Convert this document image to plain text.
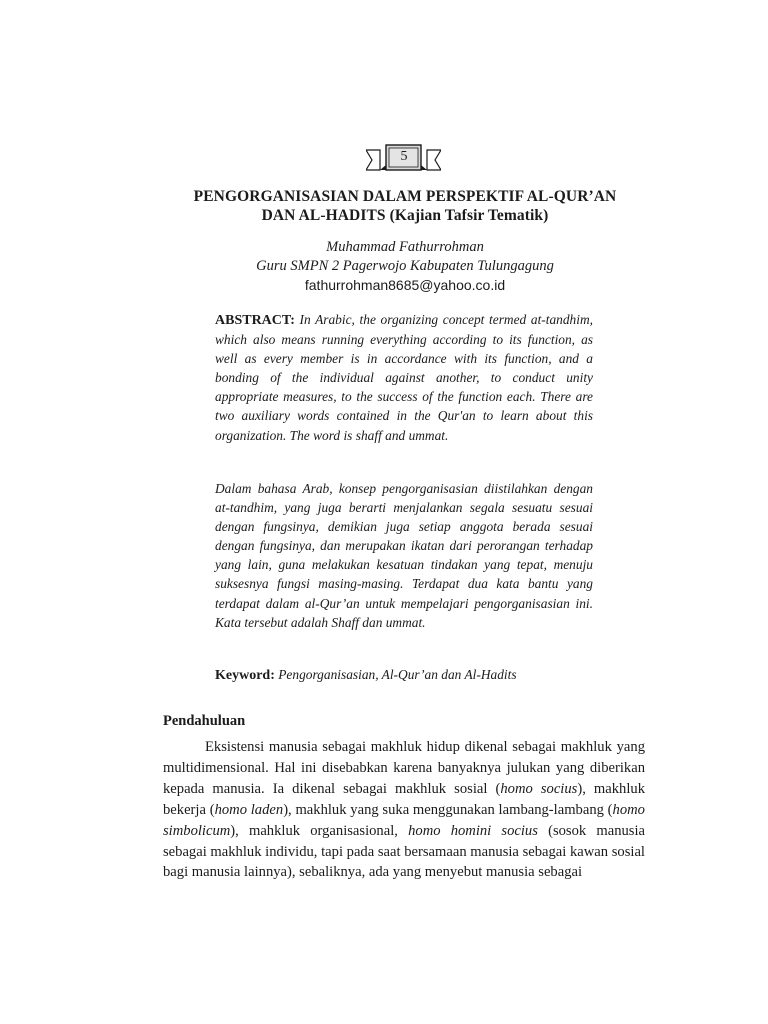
5
PENGORGANISASIAN DALAM PERSPEKTIF AL-QUR’AN
DAN AL-HADITS (Kajian Tafsir Tematik)
Muhammad Fathurrohman
Guru SMPN 2 Pagerwojo Kabupaten Tulungagung
fathurrohman8685@yahoo.co.id
ABSTRACT: In Arabic, the organizing concept termed at-tandhim, which also means running everything according to its function, as well as every member is in accordance with its function, and a bonding of the individual against another, to conduct unity appropriate measures, to the success of the function each. There are two auxiliary words contained in the Qur'an to learn about this organization. The word is shaff and ummat.
Dalam bahasa Arab, konsep pengorganisasian diistilahkan dengan at-tandhim, yang juga berarti menjalankan segala sesuatu sesuai dengan fungsinya, demikian juga setiap anggota berada sesuai dengan fungsinya, dan merupakan ikatan dari perorangan terhadap yang lain, guna melakukan kesatuan tindakan yang tepat, menuju suksesnya fungsi masing-masing. Terdapat dua kata bantu yang terdapat dalam al-Qur’an untuk mempelajari pengorganisasian ini. Kata tersebut adalah Shaff dan ummat.
Keyword: Pengorganisasian, Al-Qur’an dan Al-Hadits
Pendahuluan
Eksistensi manusia sebagai makhluk hidup dikenal sebagai makhluk yang multidimensional. Hal ini disebabkan karena banyaknya julukan yang diberikan kepada manusia. Ia dikenal sebagai makhluk sosial (homo socius), makhluk bekerja (homo laden), makhluk yang suka menggunakan lambang-lambang (homo simbolicum), mahkluk organisasional, homo homini socius (sosok manusia sebagai makhluk individu, tapi pada saat bersamaan manusia sebagai kawan sosial bagi manusia lainnya), sebaliknya, ada yang menyebut manusia sebagai
